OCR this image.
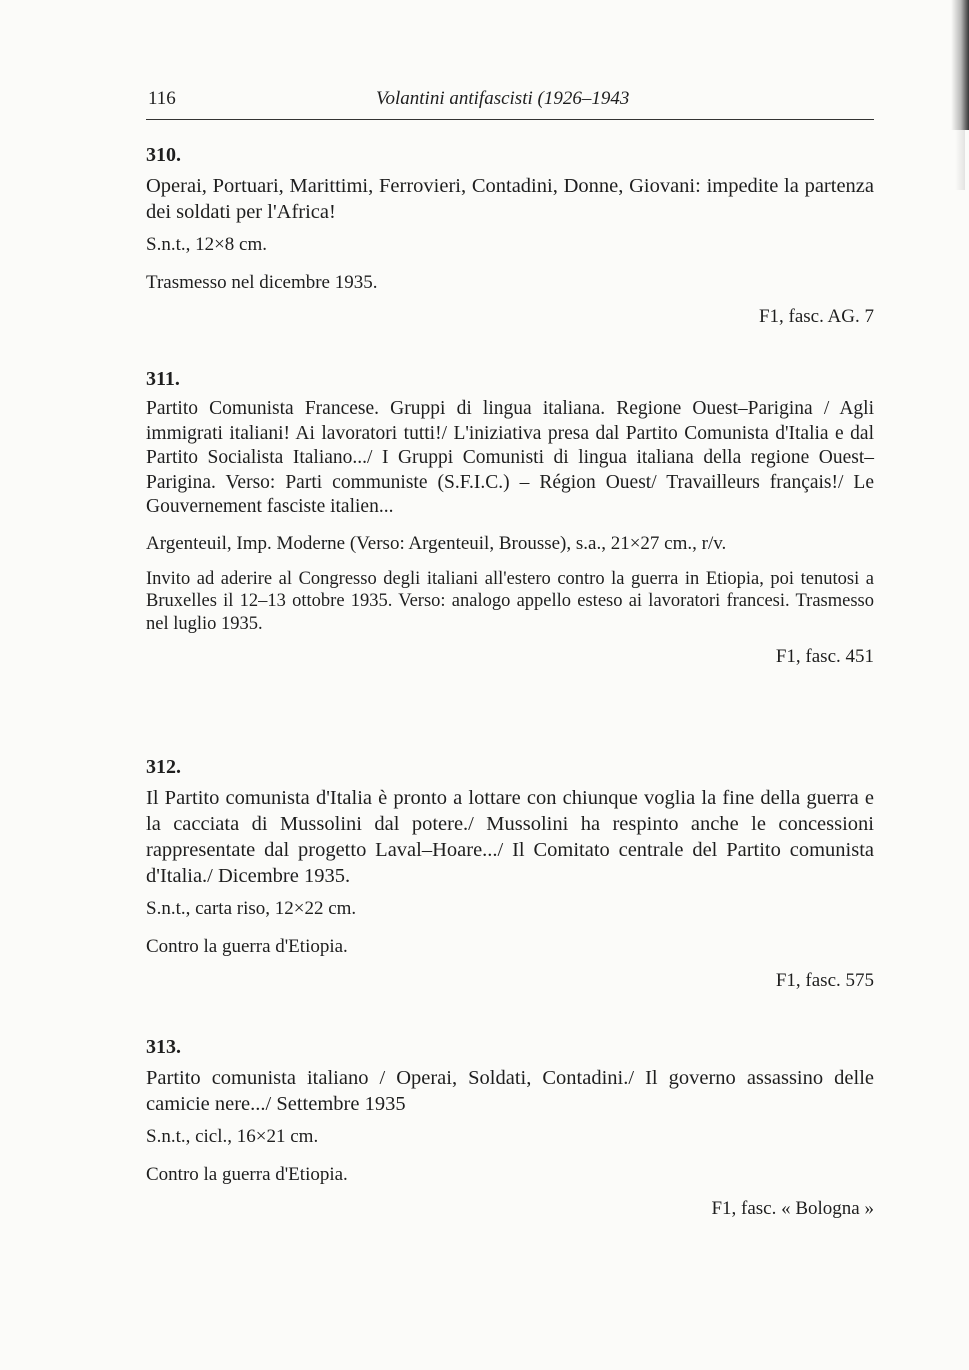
116	Volantini antifascisti (1926–1943

310.

Operai, Portuari, Marittimi, Ferrovieri, Contadini, Donne, Giovani: impedite la partenza dei soldati per l'Africa!

S.n.t., 12×8 cm.

Trasmesso nel dicembre 1935.

F1, fasc. AG. 7

311.

Partito Comunista Francese. Gruppi di lingua italiana. Regione Ouest–Parigina / Agli immigrati italiani! Ai lavoratori tutti!/ L'iniziativa presa dal Partito Comunista d'Italia e dal Partito Socialista Italiano.../ I Gruppi Comunisti di lingua italiana della regione Ouest–Parigina. Verso: Parti communiste (S.F.I.C.) – Région Ouest/ Travailleurs français!/ Le Gouvernement fasciste italien...

Argenteuil, Imp. Moderne (Verso: Argenteuil, Brousse), s.a., 21×27 cm., r/v.

Invito ad aderire al Congresso degli italiani all'estero contro la guerra in Etiopia, poi tenutosi a Bruxelles il 12–13 ottobre 1935. Verso: analogo appello esteso ai lavoratori francesi. Trasmesso nel luglio 1935.

F1, fasc. 451

312.

Il Partito comunista d'Italia è pronto a lottare con chiunque voglia la fine della guerra e la cacciata di Mussolini dal potere./ Mussolini ha respinto anche le concessioni rappresentate dal progetto Laval–Hoare.../ Il Comitato centrale del Partito comunista d'Italia./ Dicembre 1935.

S.n.t., carta riso, 12×22 cm.

Contro la guerra d'Etiopia.

F1, fasc. 575

313.

Partito comunista italiano / Operai, Soldati, Contadini./ Il governo assassino delle camicie nere.../ Settembre 1935

S.n.t., cicl., 16×21 cm.

Contro la guerra d'Etiopia.

F1, fasc. « Bologna »
